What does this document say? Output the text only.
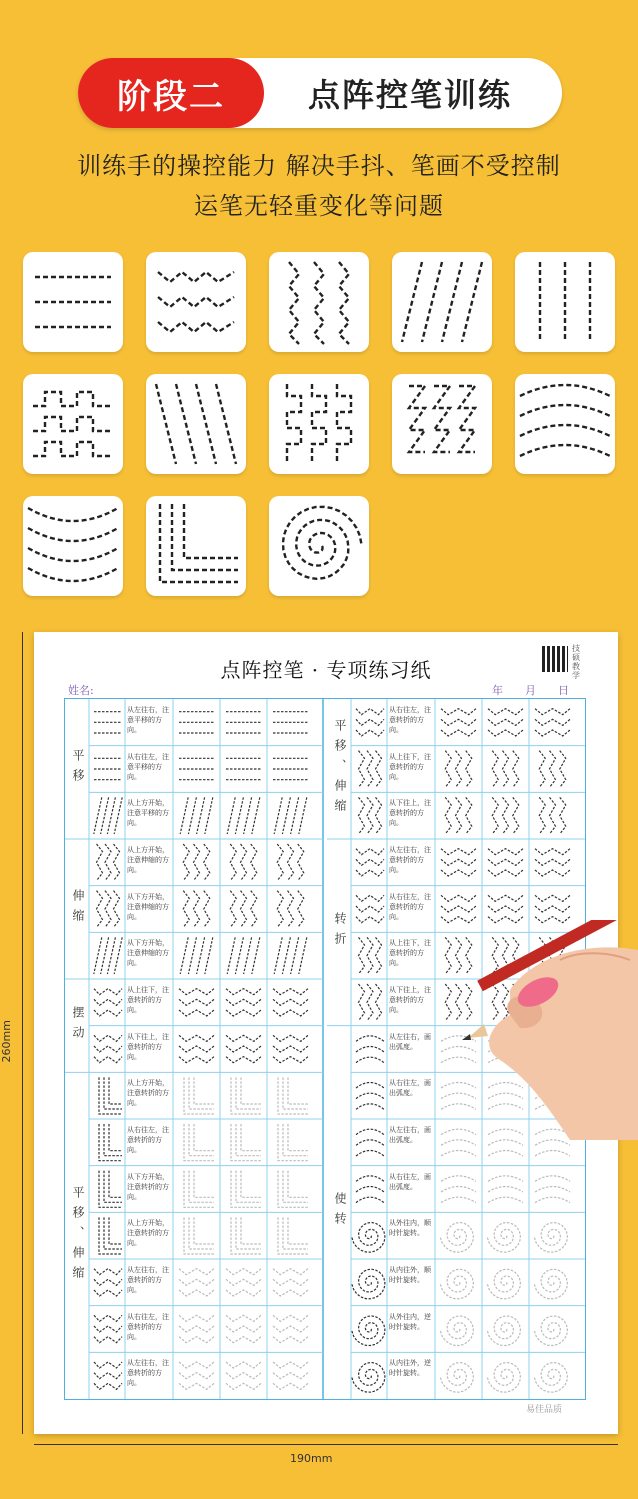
阶段二	点阵控笔训练
训练手的操控能力 解决手抖、笔画不受控制
运笔无轻重变化等问题
点阵控笔 · 专项练习纸
技硕教学
姓名:	年　　月　　日
平移
伸缩
摆动
平移、伸缩
平移、伸缩
转折
使转
从左往右，注意平移的方向。
从右往左，注意平移的方向。
从上方开始，注意平移的方向。
从上方开始，注意伸缩的方向。
从下方开始，注意伸缩的方向。
从下方开始，注意伸缩的方向。
从上往下，注意转折的方向。
从下往上，注意转折的方向。
从上方开始，注意转折的方向。
从右往左，注意转折的方向。
从下方开始，注意转折的方向。
从上方开始，注意转折的方向。
从左往右，注意转折的方向。
从右往左，注意转折的方向。
从左往右，注意转折的方向。
从右往左，注意转折的方向。
从上往下，注意转折的方向。
从下往上，注意转折的方向。
从左往右，注意转折的方向。
从右往左，注意转折的方向。
从上往下，注意转折的方向。
从下往上，注意转折的方向。
从左往右，画出弧度。
从右往左，画出弧度。
从左往右，画出弧度。
从右往左，画出弧度。
从外往内，顺时针旋转。
从内往外，顺时针旋转。
从外往内，逆时针旋转。
从内往外，逆时针旋转。
易佳品质
260mm
190mm
